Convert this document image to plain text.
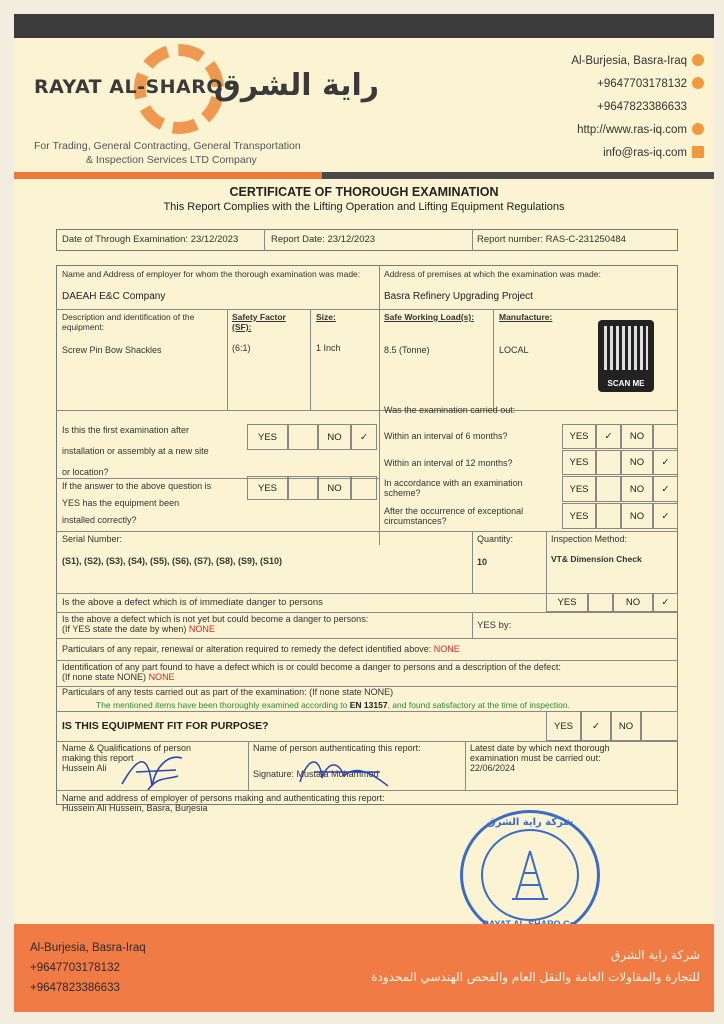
RAYAT AL-SHARQ
راية الشرق
For Trading, General Contracting, General Transportation
& Inspection Services LTD Company
Al-Burjesia, Basra-Iraq
+9647703178132
+9647823386633
http://www.ras-iq.com
info@ras-iq.com
CERTIFICATE OF THOROUGH EXAMINATION
This Report Complies with the Lifting Operation and Lifting Equipment Regulations
Date of Through Examination: 23/12/2023	Report Date: 23/12/2023	Report number: RAS-C-231250484
Name and Address of employer for whom the thorough examination was made:
DAEAH E&C Company
Address of premises at which the examination was made:
Basra Refinery Upgrading Project
Description and identification of the equipment:
Screw Pin Bow Shackles
Safety Factor (SF):
(6:1)
Size:
1 Inch
Safe Working Load(s):
8.5 (Tonne)
Manufacture:
LOCAL
SCAN ME
Is this the first examination after
installation or assembly at a new site
or location?
YES	NO	✓
If the answer to the above question is
YES has the equipment been
installed correctly?
YES	NO
Was the examination carried out:
Within an interval of 6 months?	YES	✓	NO
Within an interval of 12 months?	YES	NO	✓
In accordance with an examination
scheme?	YES	NO	✓
After the occurrence of exceptional
circumstances?	YES	NO	✓
Serial Number:
(S1), (S2), (S3), (S4), (S5), (S6), (S7), (S8), (S9), (S10)
Quantity:
10
Inspection Method:
VT& Dimension Check
Is the above a defect which is of immediate danger to persons	YES	NO	✓
Is the above a defect which is not yet but could become a danger to persons:
(If YES state the date by when) NONE	YES by:
Particulars of any repair, renewal or alteration required to remedy the defect identified above: NONE
Identification of any part found to have a defect which is or could become a danger to persons and a description of the defect:
(If none state NONE) NONE
Particulars of any tests carried out as part of the examination: (If none state NONE)
The mentioned items have been thoroughly examined according to EN 13157, and found satisfactory at the time of inspection.
IS THIS EQUIPMENT FIT FOR PURPOSE?	YES	✓	NO
Name & Qualifications of person
making this report
Hussein Ali
Name of person authenticating this report:
Signature: Mustafa Mohammed
Latest date by which next thorough
examination must be carried out:
22/06/2024
Name and address of employer of persons making and authenticating this report:
Hussein Ali Hussein, Basra, Burjesia
شركة راية الشرق
Al-Burjesia, Basra-Iraq
+9647703178132
+9647823386633
شركة راية الشرق
للتجارة والمقاولات العامة والنقل العام والفحص الهندسي المحدودة
